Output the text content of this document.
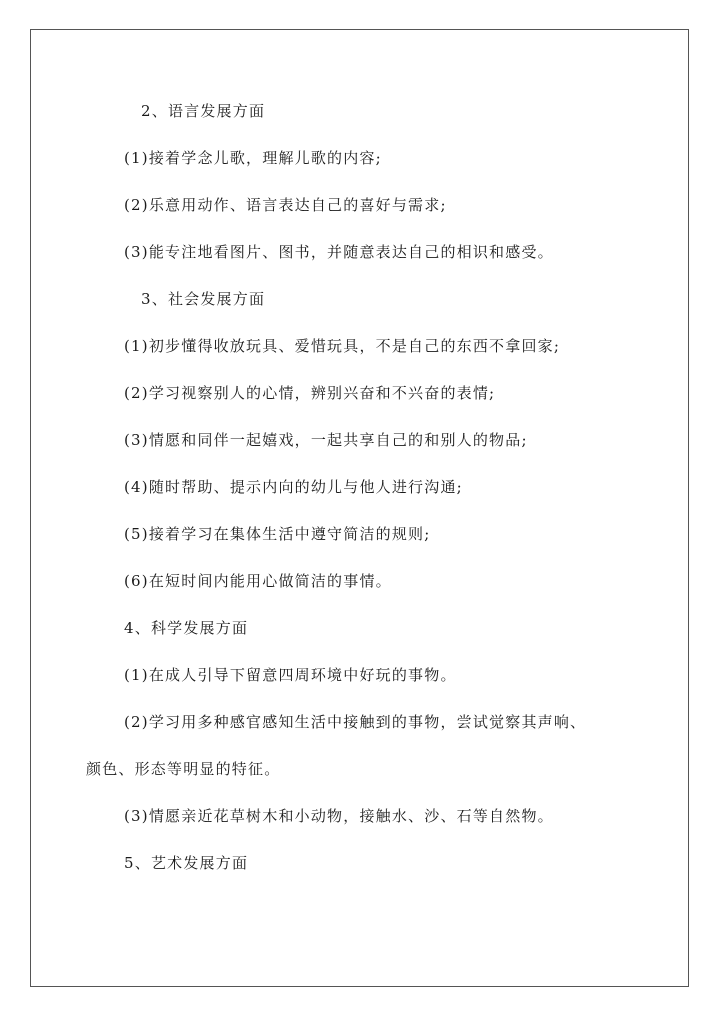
2、语言发展方面
(1)接着学念儿歌，理解儿歌的内容;
(2)乐意用动作、语言表达自己的喜好与需求;
(3)能专注地看图片、图书，并随意表达自己的相识和感受。
3、社会发展方面
(1)初步懂得收放玩具、爱惜玩具，不是自己的东西不拿回家;
(2)学习视察别人的心情，辨别兴奋和不兴奋的表情;
(3)情愿和同伴一起嬉戏，一起共享自己的和别人的物品;
(4)随时帮助、提示内向的幼儿与他人进行沟通;
(5)接着学习在集体生活中遵守简洁的规则;
(6)在短时间内能用心做简洁的事情。
4、科学发展方面
(1)在成人引导下留意四周环境中好玩的事物。
(2)学习用多种感官感知生活中接触到的事物，尝试觉察其声响、
颜色、形态等明显的特征。
(3)情愿亲近花草树木和小动物，接触水、沙、石等自然物。
5、艺术发展方面
